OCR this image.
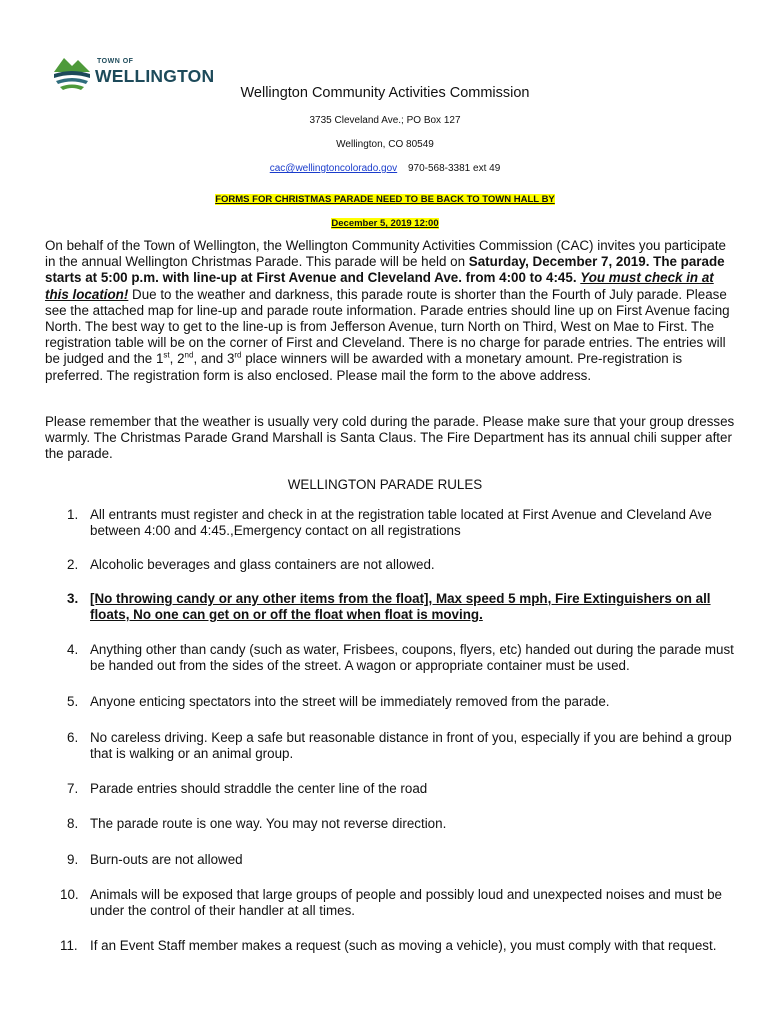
TOWN OF
WELLINGTON
Wellington Community Activities Commission
3735 Cleveland Ave.; PO Box 127
Wellington, CO 80549
cac@wellingtoncolorado.gov 970-568-3381 ext 49
FORMS FOR CHRISTMAS PARADE NEED TO BE BACK TO TOWN HALL BY
December 5, 2019 12:00

On behalf of the Town of Wellington, the Wellington Community Activities Commission (CAC) invites you participate in the annual Wellington Christmas Parade. This parade will be held on Saturday, December 7, 2019. The parade starts at 5:00 p.m. with line-up at First Avenue and Cleveland Ave. from 4:00 to 4:45. You must check in at this location! Due to the weather and darkness, this parade route is shorter than the Fourth of July parade. Please see the attached map for line-up and parade route information. Parade entries should line up on First Avenue facing North. The best way to get to the line-up is from Jefferson Avenue, turn North on Third, West on Mae to First. The registration table will be on the corner of First and Cleveland. There is no charge for parade entries. The entries will be judged and the 1st, 2nd, and 3rd place winners will be awarded with a monetary amount. Pre-registration is preferred. The registration form is also enclosed. Please mail the form to the above address.

Please remember that the weather is usually very cold during the parade. Please make sure that your group dresses warmly. The Christmas Parade Grand Marshall is Santa Claus. The Fire Department has its annual chili supper after the parade.

WELLINGTON PARADE RULES
1. All entrants must register and check in at the registration table located at First Avenue and Cleveland Ave between 4:00 and 4:45.,Emergency contact on all registrations
2. Alcoholic beverages and glass containers are not allowed.
3. [No throwing candy or any other items from the float], Max speed 5 mph, Fire Extinguishers on all floats, No one can get on or off the float when float is moving.
4. Anything other than candy (such as water, Frisbees, coupons, flyers, etc) handed out during the parade must be handed out from the sides of the street. A wagon or appropriate container must be used.
5. Anyone enticing spectators into the street will be immediately removed from the parade.
6. No careless driving. Keep a safe but reasonable distance in front of you, especially if you are behind a group that is walking or an animal group.
7. Parade entries should straddle the center line of the road
8. The parade route is one way. You may not reverse direction.
9. Burn-outs are not allowed
10. Animals will be exposed that large groups of people and possibly loud and unexpected noises and must be under the control of their handler at all times.
11. If an Event Staff member makes a request (such as moving a vehicle), you must comply with that request.
